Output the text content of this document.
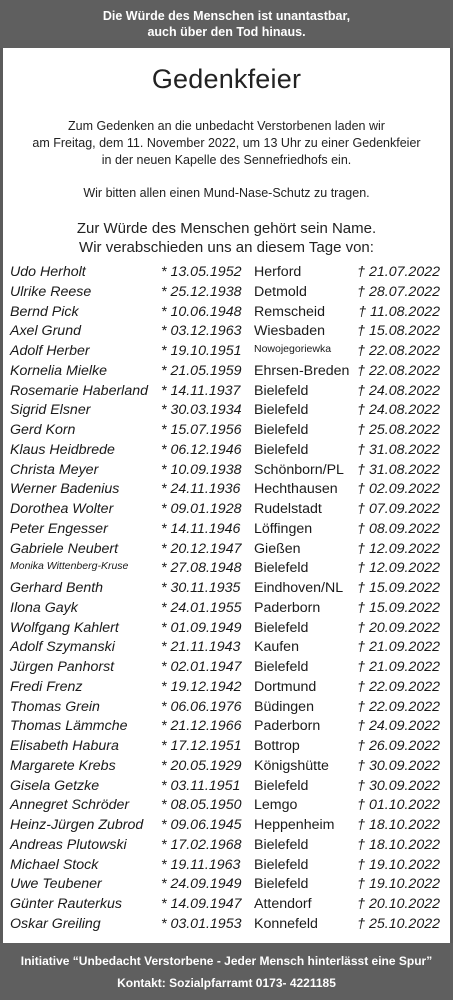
Die Würde des Menschen ist unantastbar,
auch über den Tod hinaus.
Gedenkfeier
Zum Gedenken an die unbedacht Verstorbenen laden wir
am Freitag, dem 11. November 2022, um 13 Uhr zu einer Gedenkfeier
in der neuen Kapelle des Sennefriedhofs ein.
Wir bitten allen einen Mund-Nase-Schutz zu tragen.
Zur Würde des Menschen gehört sein Name.
Wir verabschieden uns an diesem Tage von:
Udo Herholt	* 13.05.1952 Herford	† 21.07.2022
Ulrike Reese	* 25.12.1938 Detmold	† 28.07.2022
Bernd Pick	* 10.06.1948 Remscheid † 11.08.2022
Axel Grund	* 03.12.1963 Wiesbaden † 15.08.2022
Adolf Herber	* 19.10.1951 Nowojegoriewka † 22.08.2022
Kornelia Mielke	* 21.05.1959 Ehrsen-Breden † 22.08.2022
Rosemarie Haberland * 14.11.1937 Bielefeld	† 24.08.2022
Sigrid Elsner	* 30.03.1934 Bielefeld	† 24.08.2022
Gerd Korn	* 15.07.1956 Bielefeld	† 25.08.2022
Klaus Heidbrede	* 06.12.1946 Bielefeld	† 31.08.2022
Christa Meyer	* 10.09.1938 Schönborn/PL † 31.08.2022
Werner Badenius	* 24.11.1936 Hechthausen † 02.09.2022
Dorothea Wolter	* 09.01.1928 Rudelstadt † 07.09.2022
Peter Engesser	* 14.11.1946 Löffingen	† 08.09.2022
Gabriele Neubert	* 20.12.1947 Gießen	† 12.09.2022
Monika Wittenberg-Kruse * 27.08.1948 Bielefeld	† 12.09.2022
Gerhard Benth	* 30.11.1935 Eindhoven/NL † 15.09.2022
Ilona Gayk	* 24.01.1955 Paderborn	† 15.09.2022
Wolfgang Kahlert	* 01.09.1949 Bielefeld	† 20.09.2022
Adolf Szymanski	* 21.11.1943 Kaufen	† 21.09.2022
Jürgen Panhorst	* 02.01.1947 Bielefeld	† 21.09.2022
Fredi Frenz	* 19.12.1942 Dortmund	† 22.09.2022
Thomas Grein	* 06.06.1976 Büdingen	† 22.09.2022
Thomas Lämmche * 21.12.1966 Paderborn	† 24.09.2022
Elisabeth Habura	* 17.12.1951 Bottrop	† 26.09.2022
Margarete Krebs	* 20.05.1929 Königshütte † 30.09.2022
Gisela Getzke	* 03.11.1951 Bielefeld	† 30.09.2022
Annegret Schröder * 08.05.1950 Lemgo	† 01.10.2022
Heinz-Jürgen Zubrod * 09.06.1945 Heppenheim † 18.10.2022
Andreas Plutowski * 17.02.1968 Bielefeld	† 18.10.2022
Michael Stock	* 19.11.1963 Bielefeld	† 19.10.2022
Uwe Teubener	* 24.09.1949 Bielefeld	† 19.10.2022
Günter Rauterkus	* 14.09.1947 Attendorf	† 20.10.2022
Oskar Greiling	* 03.01.1953 Konnefeld	† 25.10.2022
Initiative “Unbedacht Verstorbene - Jeder Mensch hinterlässt eine Spur”
Kontakt: Sozialpfarramt 0173- 4221185
